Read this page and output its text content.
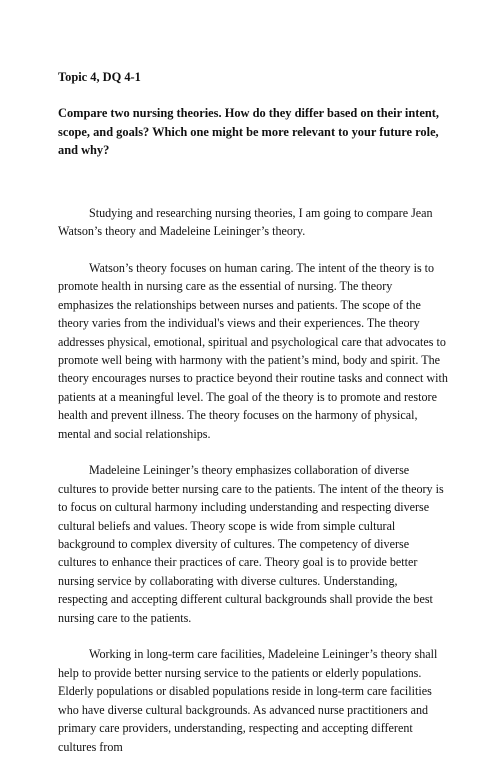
Topic 4, DQ 4-1

Compare two nursing theories. How do they differ based on their intent, scope, and goals? Which one might be more relevant to your future role, and why?

Studying and researching nursing theories, I am going to compare Jean Watson’s theory and Madeleine Leininger’s theory.

Watson’s theory focuses on human caring. The intent of the theory is to promote health in nursing care as the essential of nursing. The theory emphasizes the relationships between nurses and patients. The scope of the theory varies from the individual's views and their experiences. The theory addresses physical, emotional, spiritual and psychological care that advocates to promote well being with harmony with the patient’s mind, body and spirit. The theory encourages nurses to practice beyond their routine tasks and connect with patients at a meaningful level. The goal of the theory is to promote and restore health and prevent illness. The theory focuses on the harmony of physical, mental and social relationships.

Madeleine Leininger’s theory emphasizes collaboration of diverse cultures to provide better nursing care to the patients. The intent of the theory is to focus on cultural harmony including understanding and respecting diverse cultural beliefs and values. Theory scope is wide from simple cultural background to complex diversity of cultures. The competency of diverse cultures to enhance their practices of care. Theory goal is to provide better nursing service by collaborating with diverse cultures. Understanding, respecting and accepting different cultural backgrounds shall provide the best nursing care to the patients.

Working in long-term care facilities, Madeleine Leininger’s theory shall help to provide better nursing service to the patients or elderly populations. Elderly populations or disabled populations reside in long-term care facilities who have diverse cultural backgrounds. As advanced nurse practitioners and primary care providers, understanding, respecting and accepting different cultures from
